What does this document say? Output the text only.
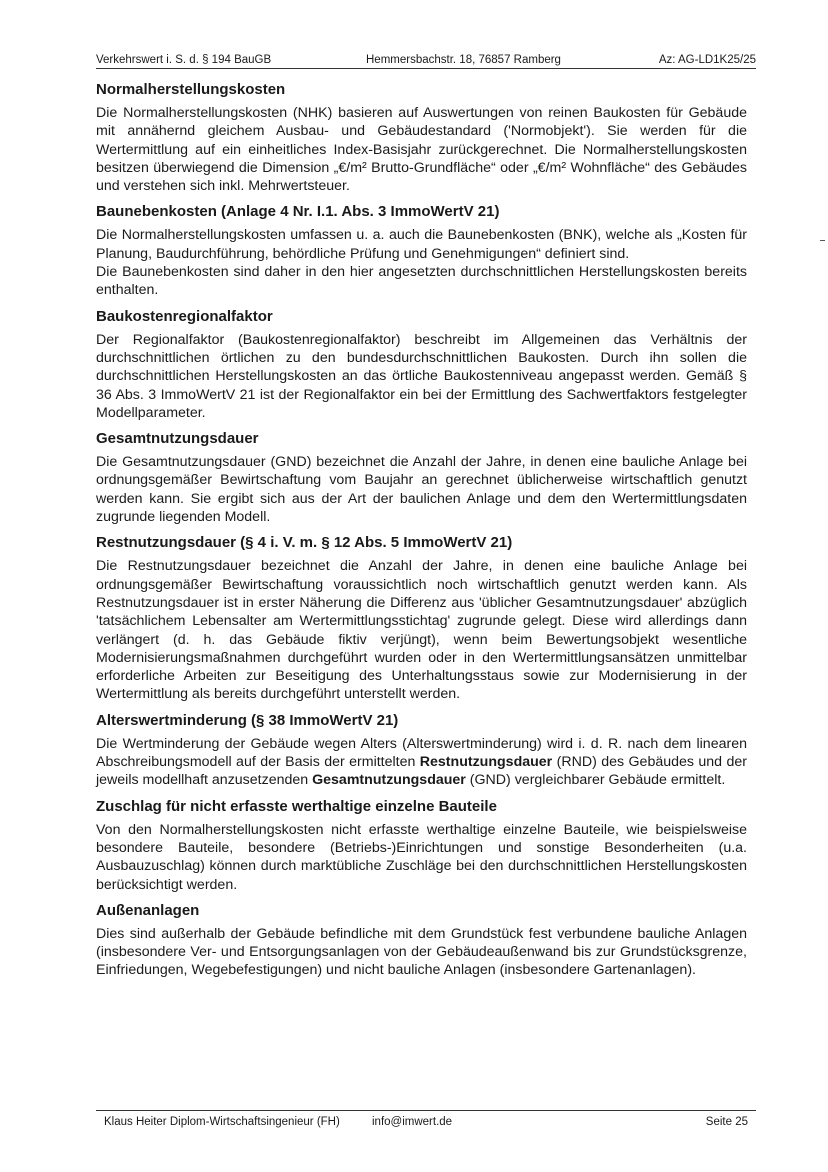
Verkehrswert i. S. d. § 194 BauGB	Hemmersbachstr. 18, 76857 Ramberg	Az: AG-LD1K25/25
Normalherstellungskosten

Die Normalherstellungskosten (NHK) basieren auf Auswertungen von reinen Baukosten für Gebäude mit annähernd gleichem Ausbau- und Gebäudestandard ('Normobjekt'). Sie werden für die Wertermittlung auf ein einheitliches Index-Basisjahr zurückgerechnet. Die Normalherstellungskosten besitzen überwiegend die Dimension „€/m² Brutto-Grundfläche“ oder „€/m² Wohnfläche“ des Gebäudes und verstehen sich inkl. Mehrwertsteuer.

Baunebenkosten (Anlage 4 Nr. I.1. Abs. 3 ImmoWertV 21)

Die Normalherstellungskosten umfassen u. a. auch die Baunebenkosten (BNK), welche als „Kosten für Planung, Baudurchführung, behördliche Prüfung und Genehmigungen“ definiert sind.

Die Baunebenkosten sind daher in den hier angesetzten durchschnittlichen Herstellungskosten bereits enthalten.

Baukostenregionalfaktor

Der Regionalfaktor (Baukostenregionalfaktor) beschreibt im Allgemeinen das Verhältnis der durchschnittlichen örtlichen zu den bundesdurchschnittlichen Baukosten. Durch ihn sollen die durchschnittlichen Herstellungskosten an das örtliche Baukostenniveau angepasst werden. Gemäß § 36 Abs. 3 ImmoWertV 21 ist der Regionalfaktor ein bei der Ermittlung des Sachwertfaktors festgelegter Modellparameter.

Gesamtnutzungsdauer

Die Gesamtnutzungsdauer (GND) bezeichnet die Anzahl der Jahre, in denen eine bauliche Anlage bei ordnungsgemäßer Bewirtschaftung vom Baujahr an gerechnet üblicherweise wirtschaftlich genutzt werden kann. Sie ergibt sich aus der Art der baulichen Anlage und dem den Wertermittlungsdaten zugrunde liegenden Modell.

Restnutzungsdauer (§ 4 i. V. m. § 12 Abs. 5 ImmoWertV 21)

Die Restnutzungsdauer bezeichnet die Anzahl der Jahre, in denen eine bauliche Anlage bei ordnungsgemäßer Bewirtschaftung voraussichtlich noch wirtschaftlich genutzt werden kann. Als Restnutzungsdauer ist in erster Näherung die Differenz aus 'üblicher Gesamtnutzungsdauer' abzüglich 'tatsächlichem Lebensalter am Wertermittlungsstichtag' zugrunde gelegt. Diese wird allerdings dann verlängert (d. h. das Gebäude fiktiv verjüngt), wenn beim Bewertungsobjekt wesentliche Modernisierungsmaßnahmen durchgeführt wurden oder in den Wertermittlungsansätzen unmittelbar erforderliche Arbeiten zur Beseitigung des Unterhaltungsstaus sowie zur Modernisierung in der Wertermittlung als bereits durchgeführt unterstellt werden.

Alterswertminderung (§ 38 ImmoWertV 21)

Die Wertminderung der Gebäude wegen Alters (Alterswertminderung) wird i. d. R. nach dem linearen Abschreibungsmodell auf der Basis der ermittelten Restnutzungsdauer (RND) des Gebäudes und der jeweils modellhaft anzusetzenden Gesamtnutzungsdauer (GND) vergleichbarer Gebäude ermittelt.

Zuschlag für nicht erfasste werthaltige einzelne Bauteile

Von den Normalherstellungskosten nicht erfasste werthaltige einzelne Bauteile, wie beispielsweise besondere Bauteile, besondere (Betriebs-)Einrichtungen und sonstige Besonderheiten (u.a. Ausbauzuschlag) können durch marktübliche Zuschläge bei den durchschnittlichen Herstellungskosten berücksichtigt werden.

Außenanlagen

Dies sind außerhalb der Gebäude befindliche mit dem Grundstück fest verbundene bauliche Anlagen (insbesondere Ver- und Entsorgungsanlagen von der Gebäudeaußenwand bis zur Grundstücksgrenze, Einfriedungen, Wegebefestigungen) und nicht bauliche Anlagen (insbesondere Gartenanlagen).

Klaus Heiter Diplom-Wirtschaftsingenieur (FH)	info@imwert.de	Seite 25
